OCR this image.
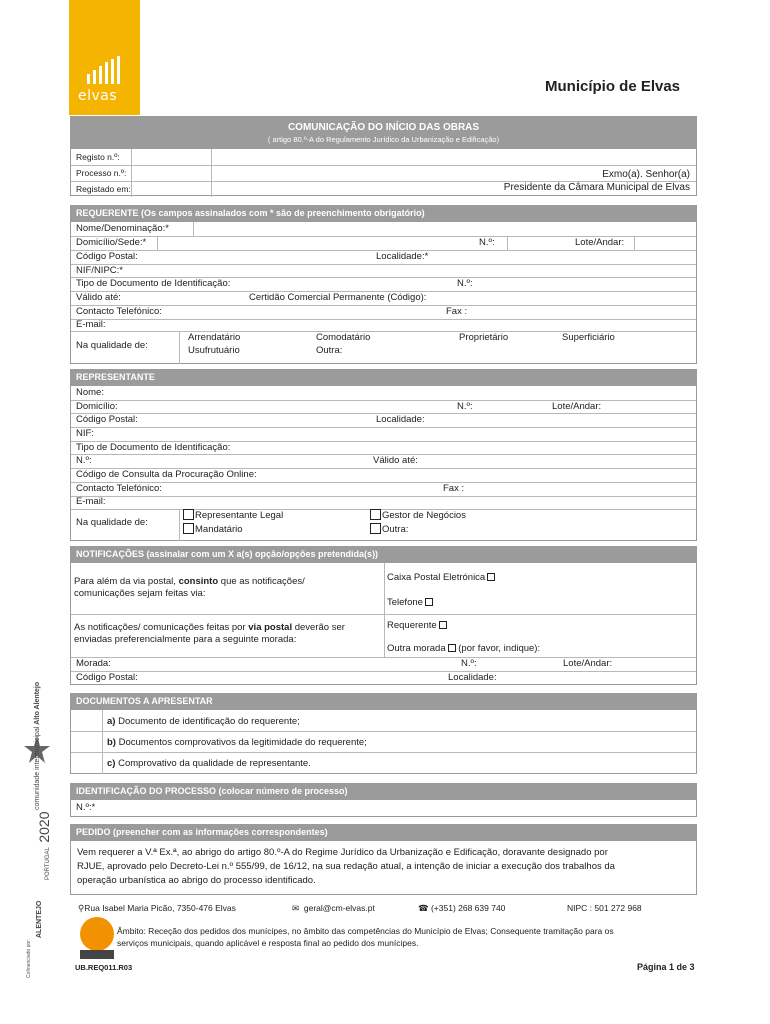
elvas
Município de Elvas
COMUNICAÇÃO DO INÍCIO DAS OBRAS
( artigo 80.º-A do Regulamento Jurídico da Urbanização e Edificação)
Registo n.º:
Processo n.º:
Registado em:
Exmo(a). Senhor(a)
Presidente da Câmara Municipal de Elvas
REQUERENTE (Os campos assinalados com * são de preenchimento obrigatório)
Nome/Denominação:*
Domicílio/Sede:*	N.º:	Lote/Andar:
Código Postal:	Localidade:*
NIF/NIPC:*
Tipo de Documento de Identificação:	N.º:
Válido até:	Certidão Comercial Permanente (Código):
Contacto Telefónico:	Fax :
E-mail:
Na qualidade de:
Arrendatário	Comodatário	Proprietário	Superficiário
Usufrutuário	Outra:
REPRESENTANTE
Nome:
Domicílio:	N.º:	Lote/Andar:
Código Postal:	Localidade:
NIF:
Tipo de Documento de Identificação:
N.º:	Válido até:
Código de Consulta da Procuração Online:
Contacto Telefónico:	Fax :
E-mail:
Na qualidade de:
Representante Legal	Gestor de Negócios
Mandatário	Outra:
NOTIFICAÇÕES (assinalar com um X a(s) opção/opções pretendida(s))
Para além da via postal, consinto que as notificações/
comunicações sejam feitas via:
Caixa Postal Eletrónica
Telefone
As notificações/ comunicações feitas por via postal deverão ser
enviadas preferencialmente para a seguinte morada:
Requerente
Outra morada (por favor, indique):
Morada:	N.º:	Lote/Andar:
Código Postal:	Localidade:
DOCUMENTOS A APRESENTAR
a) Documento de identificação do requerente;
b) Documentos comprovativos da legitimidade do requerente;
c) Comprovativo da qualidade de representante.
IDENTIFICAÇÃO DO PROCESSO (colocar número de processo)
N.º:*
PEDIDO (preencher com as informações correspondentes)
Vem requerer a V.ª Ex.ª, ao abrigo do artigo 80.º-A do Regime Jurídico da Urbanização e Edificação, doravante designado por
RJUE, aprovado pelo Decreto-Lei n.º 555/99, de 16/12, na sua redação atual, a intenção de iniciar a execução dos trabalhos da
operação urbanística ao abrigo do processo identificado.
⚲Rua Isabel Maria Picão, 7350-476 Elvas	✉ geral@cm-elvas.pt	☎ (+351) 268 639 740	NIPC : 501 272 968
Âmbito: Receção dos pedidos dos munícipes, no âmbito das competências do Município de Elvas; Consequente tramitação para os
serviços municipais, quando aplicável e resposta final ao pedido dos munícipes.
UB.REQ011.R03	Página 1 de 3
comunidade intermunicipal Alto Alentejo
PORTUGAL 2020
ALENTEJO
Cofinanciado por:
